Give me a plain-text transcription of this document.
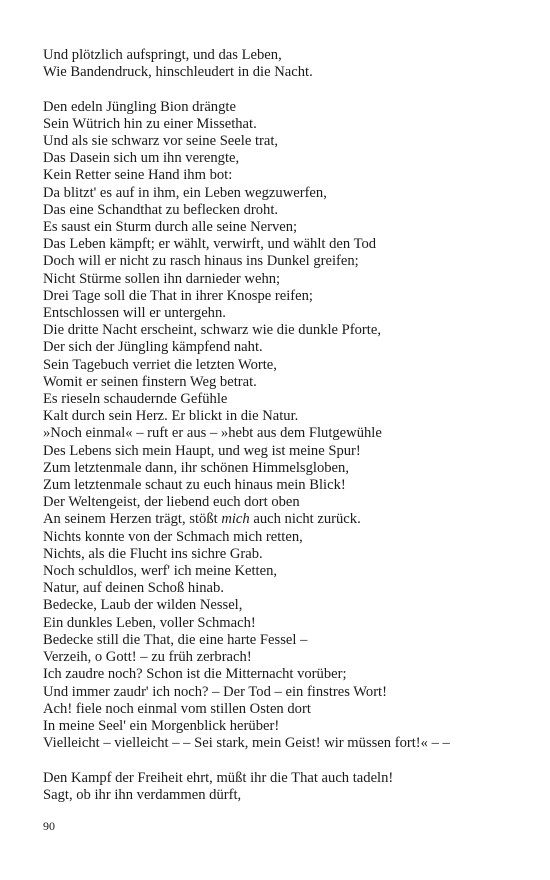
Und plötzlich aufspringt, und das Leben,
Wie Bandendruck, hinschleudert in die Nacht.
Den edeln Jüngling Bion drängte
Sein Wütrich hin zu einer Missethat.
Und als sie schwarz vor seine Seele trat,
Das Dasein sich um ihn verengte,
Kein Retter seine Hand ihm bot:
Da blitzt' es auf in ihm, ein Leben wegzuwerfen,
Das eine Schandthat zu beflecken droht.
Es saust ein Sturm durch alle seine Nerven;
Das Leben kämpft; er wählt, verwirft, und wählt den Tod
Doch will er nicht zu rasch hinaus ins Dunkel greifen;
Nicht Stürme sollen ihn darnieder wehn;
Drei Tage soll die That in ihrer Knospe reifen;
Entschlossen will er untergehn.
Die dritte Nacht erscheint, schwarz wie die dunkle Pforte,
Der sich der Jüngling kämpfend naht.
Sein Tagebuch verriet die letzten Worte,
Womit er seinen finstern Weg betrat.
Es rieseln schaudernde Gefühle
Kalt durch sein Herz. Er blickt in die Natur.
»Noch einmal« – ruft er aus – »hebt aus dem Flutgewühle
Des Lebens sich mein Haupt, und weg ist meine Spur!
Zum letztenmale dann, ihr schönen Himmelsgloben,
Zum letztenmale schaut zu euch hinaus mein Blick!
Der Weltengeist, der liebend euch dort oben
An seinem Herzen trägt, stößt mich auch nicht zurück.
Nichts konnte von der Schmach mich retten,
Nichts, als die Flucht ins sichre Grab.
Noch schuldlos, werf' ich meine Ketten,
Natur, auf deinen Schoß hinab.
Bedecke, Laub der wilden Nessel,
Ein dunkles Leben, voller Schmach!
Bedecke still die That, die eine harte Fessel –
Verzeih, o Gott! – zu früh zerbrach!
Ich zaudre noch? Schon ist die Mitternacht vorüber;
Und immer zaudr' ich noch? – Der Tod – ein finstres Wort!
Ach! fiele noch einmal vom stillen Osten dort
In meine Seel' ein Morgenblick herüber!
Vielleicht – vielleicht – – Sei stark, mein Geist! wir müssen fort!« – –
Den Kampf der Freiheit ehrt, müßt ihr die That auch tadeln!
Sagt, ob ihr ihn verdammen dürft,
90
